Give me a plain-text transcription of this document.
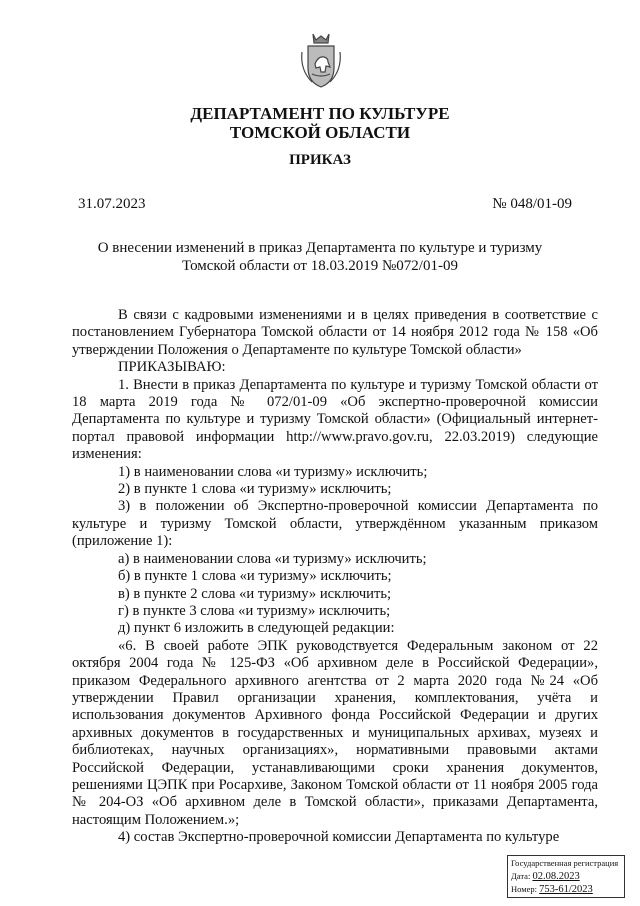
ДЕПАРТАМЕНТ ПО КУЛЬТУРЕ
ТОМСКОЙ ОБЛАСТИ
ПРИКАЗ
31.07.2023	№ 048/01-09
О внесении изменений в приказ Департамента по культуре и туризму
Томской области от 18.03.2019 №072/01-09

В связи с кадровыми изменениями и в целях приведения в соответствие с постановлением Губернатора Томской области от 14 ноября 2012 года № 158 «Об утверждении Положения о Департаменте по культуре Томской области»

ПРИКАЗЫВАЮ:

1. Внести в приказ Департамента по культуре и туризму Томской области от 18 марта 2019 года № 072/01-09 «Об экспертно-проверочной комиссии Департамента по культуре и туризму Томской области» (Официальный интернет-портал правовой информации http://www.pravo.gov.ru, 22.03.2019) следующие изменения:

1) в наименовании слова «и туризму» исключить;

2) в пункте 1 слова «и туризму» исключить;

3) в положении об Экспертно-проверочной комиссии Департамента по культуре и туризму Томской области, утверждённом указанным приказом (приложение 1):

а) в наименовании слова «и туризму» исключить;

б) в пункте 1 слова «и туризму» исключить;

в) в пункте 2 слова «и туризму» исключить;

г) в пункте 3 слова «и туризму» исключить;

д) пункт 6 изложить в следующей редакции:

«6. В своей работе ЭПК руководствуется Федеральным законом от 22 октября 2004 года № 125-ФЗ «Об архивном деле в Российской Федерации», приказом Федерального архивного агентства от 2 марта 2020 года №24 «Об утверждении Правил организации хранения, комплектования, учёта и использования документов Архивного фонда Российской Федерации и других архивных документов в государственных и муниципальных архивах, музеях и библиотеках, научных организациях», нормативными правовыми актами Российской Федерации, устанавливающими сроки хранения документов, решениями ЦЭПК при Росархиве, Законом Томской области от 11 ноября 2005 года № 204-ОЗ «Об архивном деле в Томской области», приказами Департамента, настоящим Положением.»;

4) состав Экспертно-проверочной комиссии Департамента по культуре

Государственная регистрация
Дата: 02.08.2023
Номер: 753-61/2023
